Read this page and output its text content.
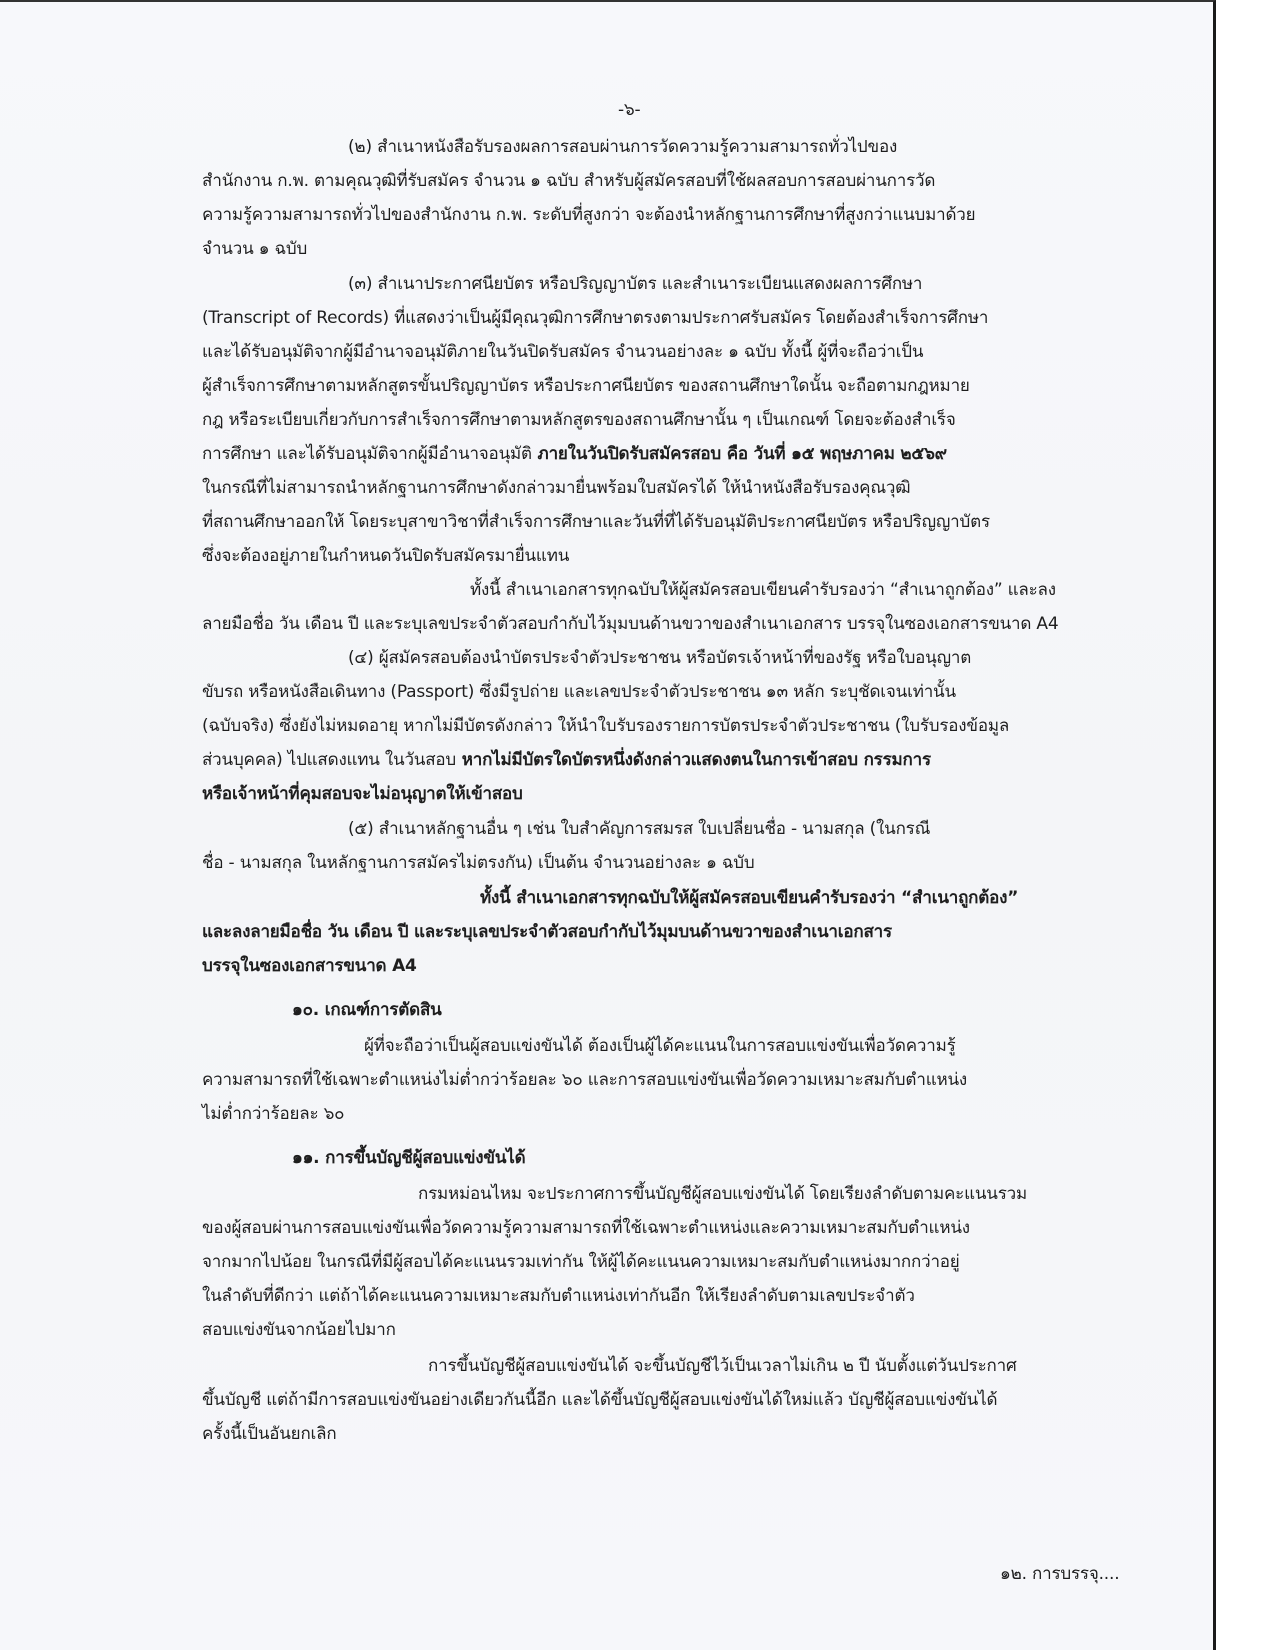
-๖-
(๒) สำเนาหนังสือรับรองผลการสอบผ่านการวัดความรู้ความสามารถทั่วไปของ
สำนักงาน ก.พ. ตามคุณวุฒิที่รับสมัคร จำนวน ๑ ฉบับ สำหรับผู้สมัครสอบที่ใช้ผลสอบการสอบผ่านการวัด
ความรู้ความสามารถทั่วไปของสำนักงาน ก.พ. ระดับที่สูงกว่า จะต้องนำหลักฐานการศึกษาที่สูงกว่าแนบมาด้วย
จำนวน ๑ ฉบับ
(๓) สำเนาประกาศนียบัตร หรือปริญญาบัตร และสำเนาระเบียนแสดงผลการศึกษา
(Transcript of Records) ที่แสดงว่าเป็นผู้มีคุณวุฒิการศึกษาตรงตามประกาศรับสมัคร โดยต้องสำเร็จการศึกษา
และได้รับอนุมัติจากผู้มีอำนาจอนุมัติภายในวันปิดรับสมัคร จำนวนอย่างละ ๑ ฉบับ ทั้งนี้ ผู้ที่จะถือว่าเป็น
ผู้สำเร็จการศึกษาตามหลักสูตรขั้นปริญญาบัตร หรือประกาศนียบัตร ของสถานศึกษาใดนั้น จะถือตามกฎหมาย
กฎ หรือระเบียบเกี่ยวกับการสำเร็จการศึกษาตามหลักสูตรของสถานศึกษานั้น ๆ เป็นเกณฑ์ โดยจะต้องสำเร็จ
การศึกษา และได้รับอนุมัติจากผู้มีอำนาจอนุมัติ ภายในวันปิดรับสมัครสอบ คือ วันที่ ๑๕ พฤษภาคม ๒๕๖๙
ในกรณีที่ไม่สามารถนำหลักฐานการศึกษาดังกล่าวมายื่นพร้อมใบสมัครได้ ให้นำหนังสือรับรองคุณวุฒิ
ที่สถานศึกษาออกให้ โดยระบุสาขาวิชาที่สำเร็จการศึกษาและวันที่ที่ได้รับอนุมัติประกาศนียบัตร หรือปริญญาบัตร
ซึ่งจะต้องอยู่ภายในกำหนดวันปิดรับสมัครมายื่นแทน
ทั้งนี้ สำเนาเอกสารทุกฉบับให้ผู้สมัครสอบเขียนคำรับรองว่า “สำเนาถูกต้อง” และลง
ลายมือชื่อ วัน เดือน ปี และระบุเลขประจำตัวสอบกำกับไว้มุมบนด้านขวาของสำเนาเอกสาร บรรจุในซองเอกสารขนาด A4
(๔) ผู้สมัครสอบต้องนำบัตรประจำตัวประชาชน หรือบัตรเจ้าหน้าที่ของรัฐ หรือใบอนุญาต
ขับรถ หรือหนังสือเดินทาง (Passport) ซึ่งมีรูปถ่าย และเลขประจำตัวประชาชน ๑๓ หลัก ระบุชัดเจนเท่านั้น
(ฉบับจริง) ซึ่งยังไม่หมดอายุ หากไม่มีบัตรดังกล่าว ให้นำใบรับรองรายการบัตรประจำตัวประชาชน (ใบรับรองข้อมูล
ส่วนบุคคล) ไปแสดงแทน ในวันสอบ หากไม่มีบัตรใดบัตรหนึ่งดังกล่าวแสดงตนในการเข้าสอบ กรรมการ
หรือเจ้าหน้าที่คุมสอบจะไม่อนุญาตให้เข้าสอบ
(๕) สำเนาหลักฐานอื่น ๆ เช่น ใบสำคัญการสมรส ใบเปลี่ยนชื่อ - นามสกุล (ในกรณี
ชื่อ - นามสกุล ในหลักฐานการสมัครไม่ตรงกัน) เป็นต้น จำนวนอย่างละ ๑ ฉบับ
ทั้งนี้ สำเนาเอกสารทุกฉบับให้ผู้สมัครสอบเขียนคำรับรองว่า “สำเนาถูกต้อง”
และลงลายมือชื่อ วัน เดือน ปี และระบุเลขประจำตัวสอบกำกับไว้มุมบนด้านขวาของสำเนาเอกสาร
บรรจุในซองเอกสารขนาด A4
๑๐. เกณฑ์การตัดสิน
ผู้ที่จะถือว่าเป็นผู้สอบแข่งขันได้ ต้องเป็นผู้ได้คะแนนในการสอบแข่งขันเพื่อวัดความรู้
ความสามารถที่ใช้เฉพาะตำแหน่งไม่ต่ำกว่าร้อยละ ๖๐ และการสอบแข่งขันเพื่อวัดความเหมาะสมกับตำแหน่ง
ไม่ต่ำกว่าร้อยละ ๖๐
๑๑. การขึ้นบัญชีผู้สอบแข่งขันได้
กรมหม่อนไหม จะประกาศการขึ้นบัญชีผู้สอบแข่งขันได้ โดยเรียงลำดับตามคะแนนรวม
ของผู้สอบผ่านการสอบแข่งขันเพื่อวัดความรู้ความสามารถที่ใช้เฉพาะตำแหน่งและความเหมาะสมกับตำแหน่ง
จากมากไปน้อย ในกรณีที่มีผู้สอบได้คะแนนรวมเท่ากัน ให้ผู้ได้คะแนนความเหมาะสมกับตำแหน่งมากกว่าอยู่
ในลำดับที่ดีกว่า แต่ถ้าได้คะแนนความเหมาะสมกับตำแหน่งเท่ากันอีก ให้เรียงลำดับตามเลขประจำตัว
สอบแข่งขันจากน้อยไปมาก
การขึ้นบัญชีผู้สอบแข่งขันได้ จะขึ้นบัญชีไว้เป็นเวลาไม่เกิน ๒ ปี นับตั้งแต่วันประกาศ
ขึ้นบัญชี แต่ถ้ามีการสอบแข่งขันอย่างเดียวกันนี้อีก และได้ขึ้นบัญชีผู้สอบแข่งขันได้ใหม่แล้ว บัญชีผู้สอบแข่งขันได้
ครั้งนี้เป็นอันยกเลิก
๑๒. การบรรจุ....
